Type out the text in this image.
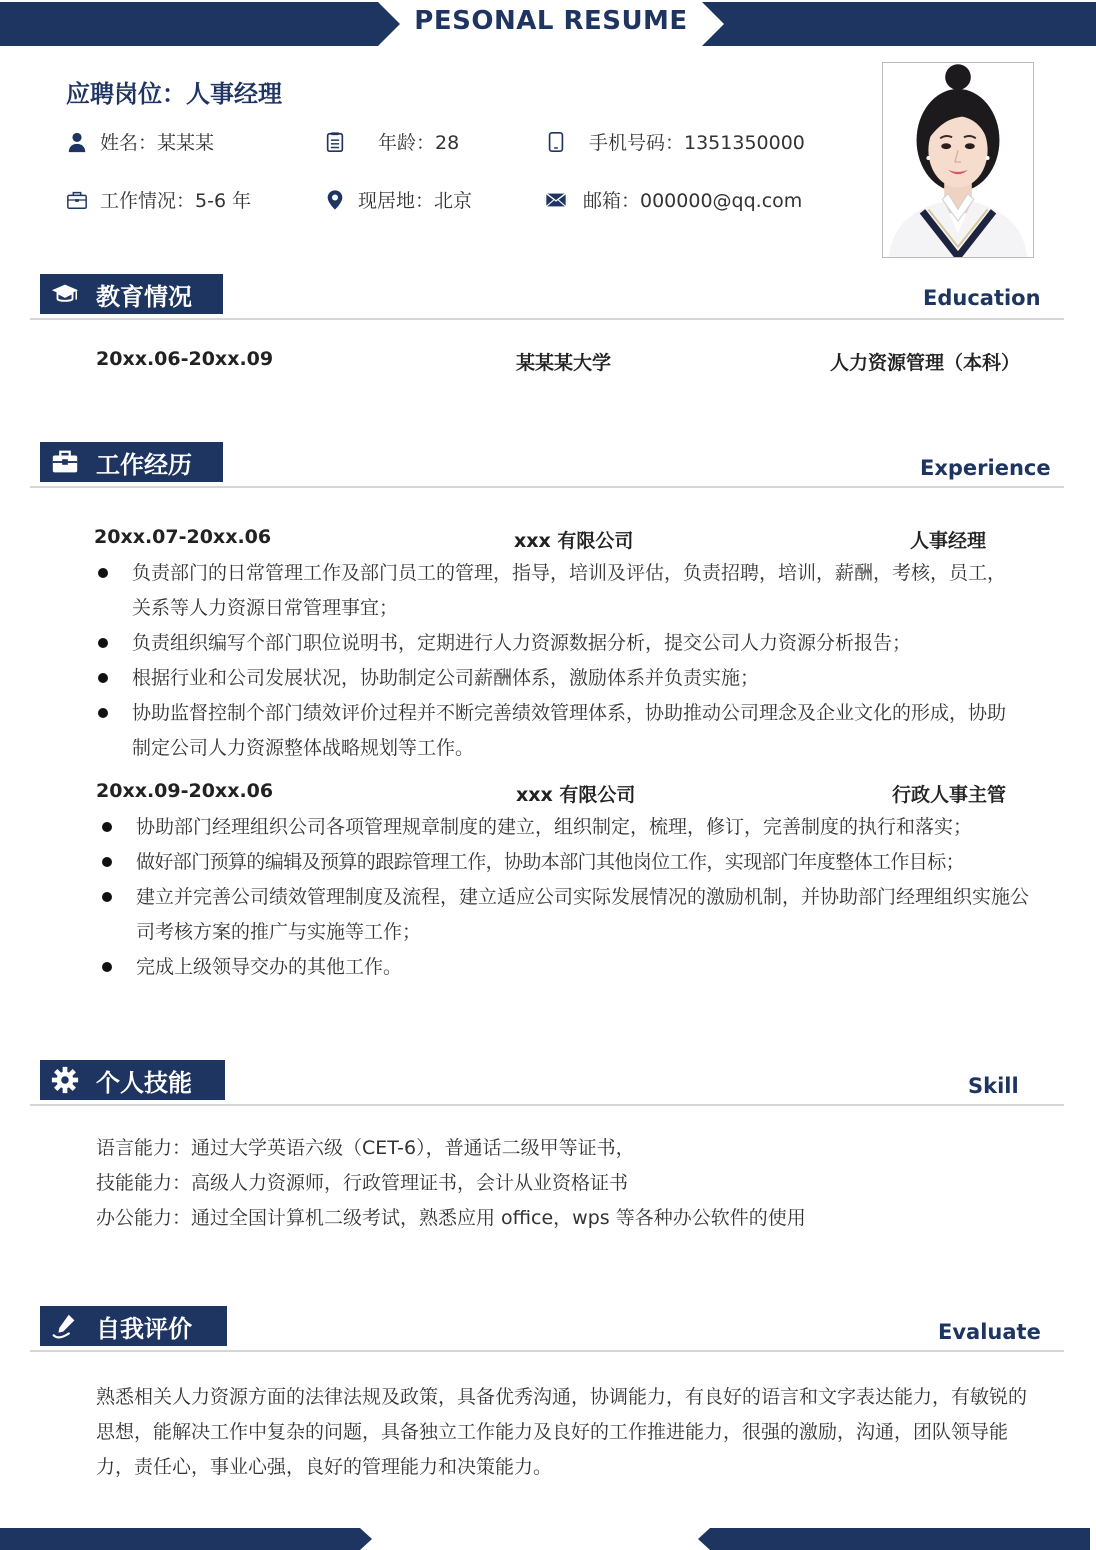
PESONAL RESUME
应聘岗位：人事经理
姓名：某某某	年龄：28	手机号码：1351350000
工作情况：5-6 年	现居地：北京	邮箱：000000@qq.com
教育情况	Education
20xx.06-20xx.09	某某某大学	人力资源管理（本科）
工作经历	Experience
20xx.07-20xx.06	xxx 有限公司	人事经理
负责部门的日常管理工作及部门员工的管理，指导，培训及评估，负责招聘，培训，薪酬，考核，员工，关系等人力资源日常管理事宜；
负责组织编写个部门职位说明书，定期进行人力资源数据分析，提交公司人力资源分析报告；
根据行业和公司发展状况，协助制定公司薪酬体系，激励体系并负责实施；
协助监督控制个部门绩效评价过程并不断完善绩效管理体系，协助推动公司理念及企业文化的形成，协助制定公司人力资源整体战略规划等工作。
20xx.09-20xx.06	xxx 有限公司	行政人事主管
协助部门经理组织公司各项管理规章制度的建立，组织制定，梳理，修订，完善制度的执行和落实；
做好部门预算的编辑及预算的跟踪管理工作，协助本部门其他岗位工作，实现部门年度整体工作目标；
建立并完善公司绩效管理制度及流程，建立适应公司实际发展情况的激励机制，并协助部门经理组织实施公司考核方案的推广与实施等工作；
完成上级领导交办的其他工作。
个人技能	Skill
语言能力：通过大学英语六级（CET-6），普通话二级甲等证书，
技能能力：高级人力资源师，行政管理证书，会计从业资格证书
办公能力：通过全国计算机二级考试，熟悉应用 office，wps 等各种办公软件的使用
自我评价	Evaluate
熟悉相关人力资源方面的法律法规及政策，具备优秀沟通，协调能力，有良好的语言和文字表达能力，有敏锐的思想，能解决工作中复杂的问题，具备独立工作能力及良好的工作推进能力，很强的激励，沟通，团队领导能力，责任心，事业心强，良好的管理能力和决策能力。
